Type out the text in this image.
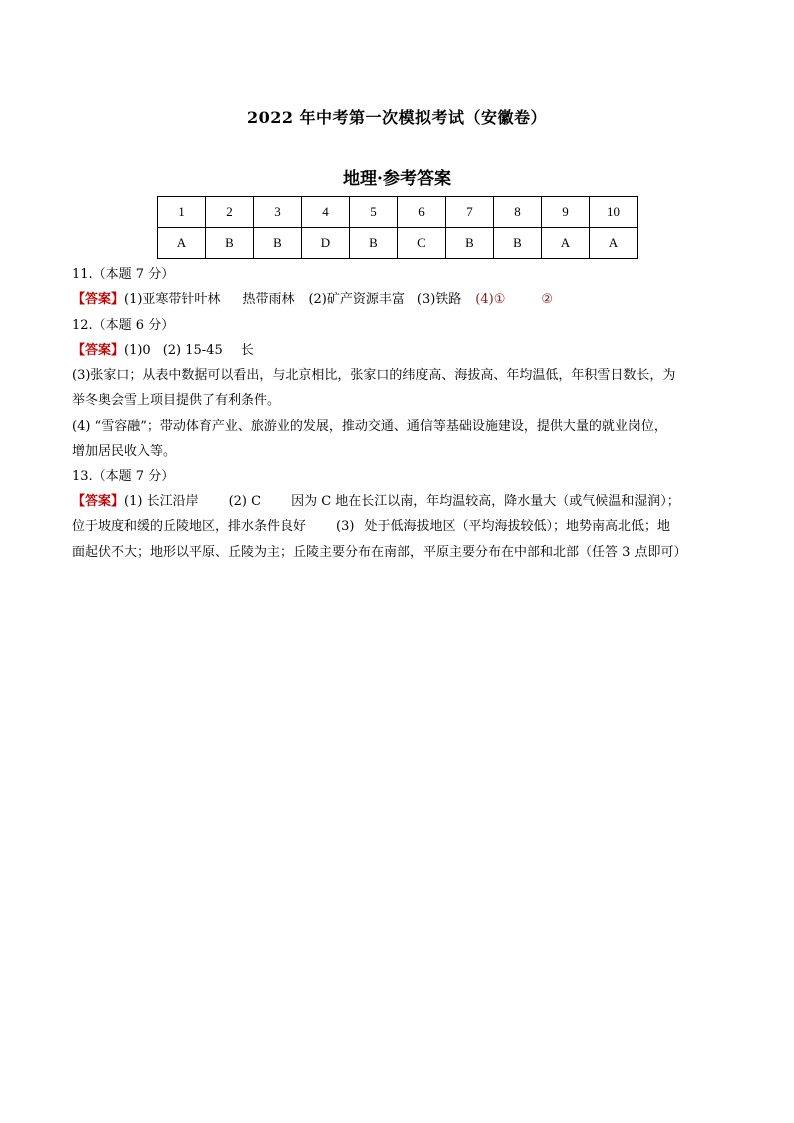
2022 年中考第一次模拟考试（安徽卷）
地理·参考答案
1	2	3	4	5	6	7	8	9	10
A	B	B	D	B	C	B	B	A	A
11.（本题 7 分）
【答案】(1)亚寒带针叶林 热带雨林 (2)矿产资源丰富 (3)铁路 (4)①	②
12.（本题 6 分）
【答案】(1)0 (2) 15-45 长
(3)张家口；从表中数据可以看出，与北京相比，张家口的纬度高、海拔高、年均温低，年积雪日数长，为
举冬奥会雪上项目提供了有利条件。
(4) “雪容融”；带动体育产业、旅游业的发展，推动交通、通信等基础设施建设，提供大量的就业岗位，
增加居民收入等。
13.（本题 7 分）
【答案】(1) 长江沿岸 (2) C 因为 C 地在长江以南，年均温较高，降水量大（或气候温和湿润）；
位于坡度和缓的丘陵地区，排水条件良好 (3) 处于低海拔地区（平均海拔较低）；地势南高北低；地
面起伏不大；地形以平原、丘陵为主；丘陵主要分布在南部，平原主要分布在中部和北部（任答 3 点即可）
